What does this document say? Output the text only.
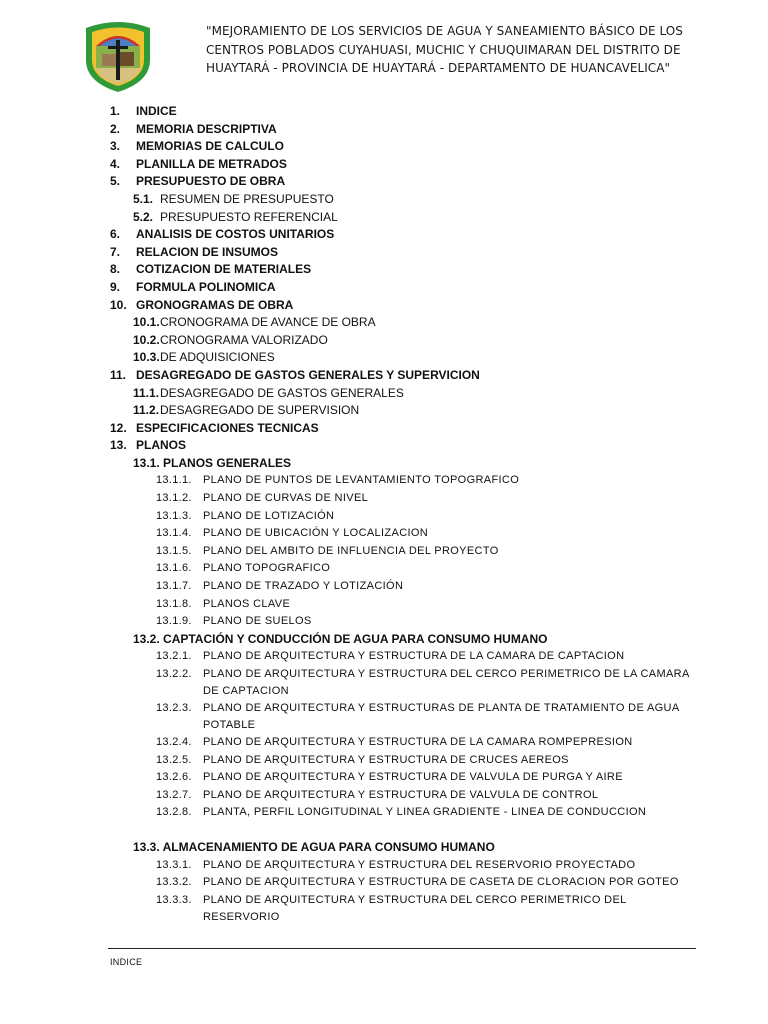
"MEJORAMIENTO DE LOS SERVICIOS DE AGUA Y SANEAMIENTO BÁSICO DE LOS CENTROS POBLADOS CUYAHUASI, MUCHIC Y CHUQUIMARAN DEL DISTRITO DE HUAYTARÁ - PROVINCIA DE HUAYTARÁ - DEPARTAMENTO DE HUANCAVELICA"
1. INDICE
2. MEMORIA DESCRIPTIVA
3. MEMORIAS DE CALCULO
4. PLANILLA DE METRADOS
5. PRESUPUESTO DE OBRA
5.1. RESUMEN DE PRESUPUESTO
5.2. PRESUPUESTO REFERENCIAL
6. ANALISIS DE COSTOS UNITARIOS
7. RELACION DE INSUMOS
8. COTIZACION DE MATERIALES
9. FORMULA POLINOMICA
10. GRONOGRAMAS DE OBRA
10.1. CRONOGRAMA DE AVANCE DE OBRA
10.2. CRONOGRAMA VALORIZADO
10.3. DE ADQUISICIONES
11. DESAGREGADO DE GASTOS GENERALES Y SUPERVICION
11.1. DESAGREGADO DE GASTOS GENERALES
11.2. DESAGREGADO DE SUPERVISION
12. ESPECIFICACIONES TECNICAS
13. PLANOS
13.1. PLANOS GENERALES
13.1.1. PLANO DE PUNTOS DE LEVANTAMIENTO TOPOGRAFICO
13.1.2. PLANO DE CURVAS DE NIVEL
13.1.3. PLANO DE LOTIZACIÓN
13.1.4. PLANO DE UBICACIÓN Y LOCALIZACION
13.1.5. PLANO DEL AMBITO DE INFLUENCIA DEL PROYECTO
13.1.6. PLANO TOPOGRAFICO
13.1.7. PLANO DE TRAZADO Y LOTIZACIÓN
13.1.8. PLANOS CLAVE
13.1.9. PLANO DE SUELOS
13.2. CAPTACIÓN Y CONDUCCIÓN DE AGUA PARA CONSUMO HUMANO
13.2.1. PLANO DE ARQUITECTURA Y ESTRUCTURA DE LA CAMARA DE CAPTACION
13.2.2. PLANO DE ARQUITECTURA Y ESTRUCTURA DEL CERCO PERIMETRICO DE LA CAMARA DE CAPTACION
13.2.3. PLANO DE ARQUITECTURA Y ESTRUCTURAS DE PLANTA DE TRATAMIENTO DE AGUA POTABLE
13.2.4. PLANO DE ARQUITECTURA Y ESTRUCTURA DE LA CAMARA ROMPEPRESION
13.2.5. PLANO DE ARQUITECTURA Y ESTRUCTURA DE CRUCES AEREOS
13.2.6. PLANO DE ARQUITECTURA Y ESTRUCTURA DE VALVULA DE PURGA Y AIRE
13.2.7. PLANO DE ARQUITECTURA Y ESTRUCTURA DE VALVULA DE CONTROL
13.2.8. PLANTA, PERFIL LONGITUDINAL Y LINEA GRADIENTE - LINEA DE CONDUCCION
13.3. ALMACENAMIENTO DE AGUA PARA CONSUMO HUMANO
13.3.1. PLANO DE ARQUITECTURA Y ESTRUCTURA DEL RESERVORIO PROYECTADO
13.3.2. PLANO DE ARQUITECTURA Y ESTRUCTURA DE CASETA DE CLORACION POR GOTEO
13.3.3. PLANO DE ARQUITECTURA Y ESTRUCTURA DEL CERCO PERIMETRICO DEL RESERVORIO
INDICE
